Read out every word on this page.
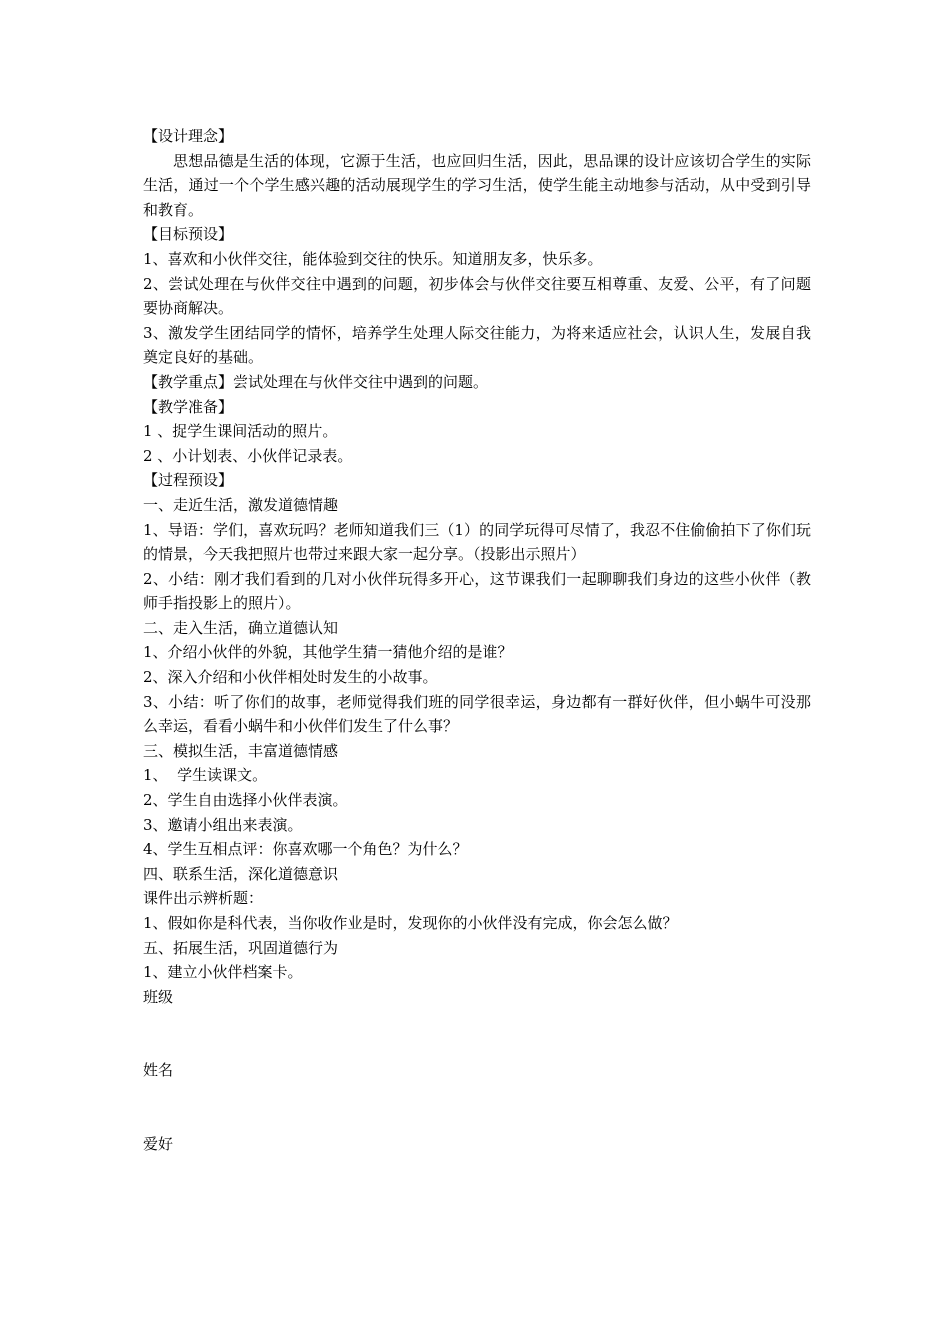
【设计理念】

思想品德是生活的体现，它源于生活，也应回归生活，因此，思品课的设计应该切合学生的实际生活，通过一个个学生感兴趣的活动展现学生的学习生活，使学生能主动地参与活动，从中受到引导和教育。

【目标预设】

1、喜欢和小伙伴交往，能体验到交往的快乐。知道朋友多，快乐多。

2、尝试处理在与伙伴交往中遇到的问题，初步体会与伙伴交往要互相尊重、友爱、公平，有了问题要协商解决。

3、激发学生团结同学的情怀，培养学生处理人际交往能力，为将来适应社会，认识人生，发展自我奠定良好的基础。

【教学重点】尝试处理在与伙伴交往中遇到的问题。

【教学准备】

1 、捉学生课间活动的照片。

2 、小计划表、小伙伴记录表。

【过程预设】

一、走近生活，激发道德情趣

1、导语：学们，喜欢玩吗？老师知道我们三（1）的同学玩得可尽情了，我忍不住偷偷拍下了你们玩的情景，今天我把照片也带过来跟大家一起分享。（投影出示照片）

2、小结：刚才我们看到的几对小伙伴玩得多开心，这节课我们一起聊聊我们身边的这些小伙伴（教师手指投影上的照片）。

二、走入生活，确立道德认知

1、介绍小伙伴的外貌，其他学生猜一猜他介绍的是谁？

2、深入介绍和小伙伴相处时发生的小故事。

3、小结：听了你们的故事，老师觉得我们班的同学很幸运，身边都有一群好伙伴，但小蜗牛可没那么幸运，看看小蜗牛和小伙伴们发生了什么事？

三、模拟生活，丰富道德情感

1、  学生读课文。

2、学生自由选择小伙伴表演。

3、邀请小组出来表演。

4、学生互相点评：你喜欢哪一个角色？为什么？

四、联系生活，深化道德意识

课件出示辨析题：

1、假如你是科代表，当你收作业是时，发现你的小伙伴没有完成，你会怎么做？

五、拓展生活，巩固道德行为

1、建立小伙伴档案卡。

班级

姓名

爱好
